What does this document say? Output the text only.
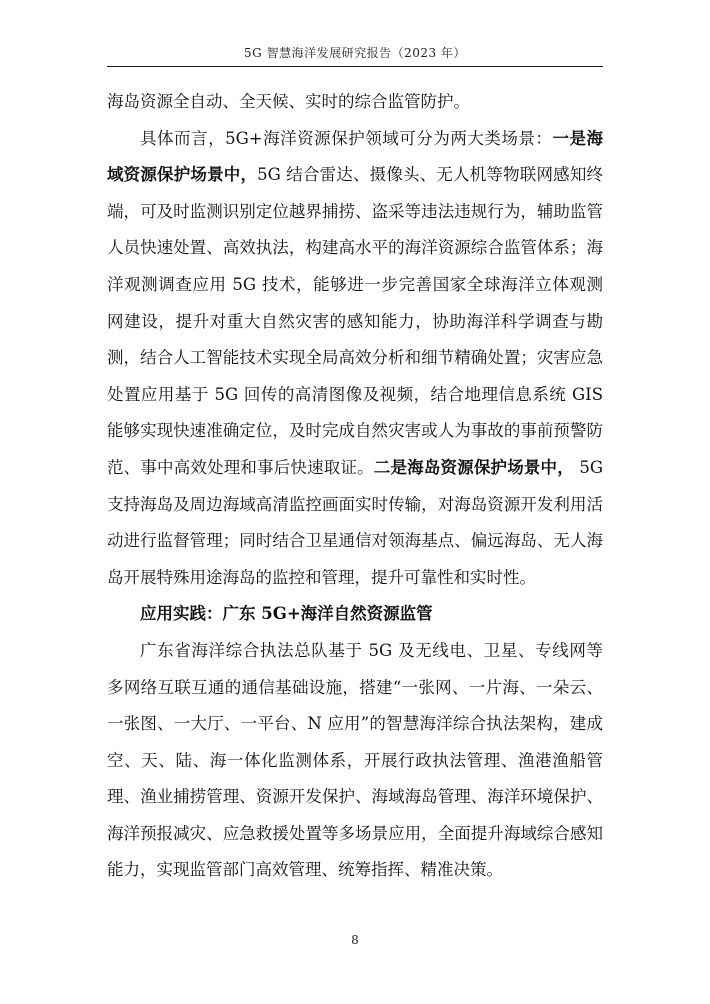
5G 智慧海洋发展研究报告（2023 年）

海岛资源全自动、全天候、实时的综合监管防护。

具体而言，5G+海洋资源保护领域可分为两大类场景：一是海域资源保护场景中，5G 结合雷达、摄像头、无人机等物联网感知终端，可及时监测识别定位越界捕捞、盗采等违法违规行为，辅助监管人员快速处置、高效执法，构建高水平的海洋资源综合监管体系；海洋观测调查应用 5G 技术，能够进一步完善国家全球海洋立体观测网建设，提升对重大自然灾害的感知能力，协助海洋科学调查与勘测，结合人工智能技术实现全局高效分析和细节精确处置；灾害应急处置应用基于 5G 回传的高清图像及视频，结合地理信息系统 GIS 能够实现快速准确定位，及时完成自然灾害或人为事故的事前预警防范、事中高效处理和事后快速取证。二是海岛资源保护场景中， 5G 支持海岛及周边海域高清监控画面实时传输，对海岛资源开发利用活动进行监督管理；同时结合卫星通信对领海基点、偏远海岛、无人海岛开展特殊用途海岛的监控和管理，提升可靠性和实时性。

应用实践：广东 5G+海洋自然资源监管

广东省海洋综合执法总队基于 5G 及无线电、卫星、专线网等多网络互联互通的通信基础设施，搭建“一张网、一片海、一朵云、一张图、一大厅、一平台、N 应用”的智慧海洋综合执法架构，建成空、天、陆、海一体化监测体系，开展行政执法管理、渔港渔船管理、渔业捕捞管理、资源开发保护、海域海岛管理、海洋环境保护、海洋预报减灾、应急救援处置等多场景应用，全面提升海域综合感知能力，实现监管部门高效管理、统筹指挥、精准决策。

8
